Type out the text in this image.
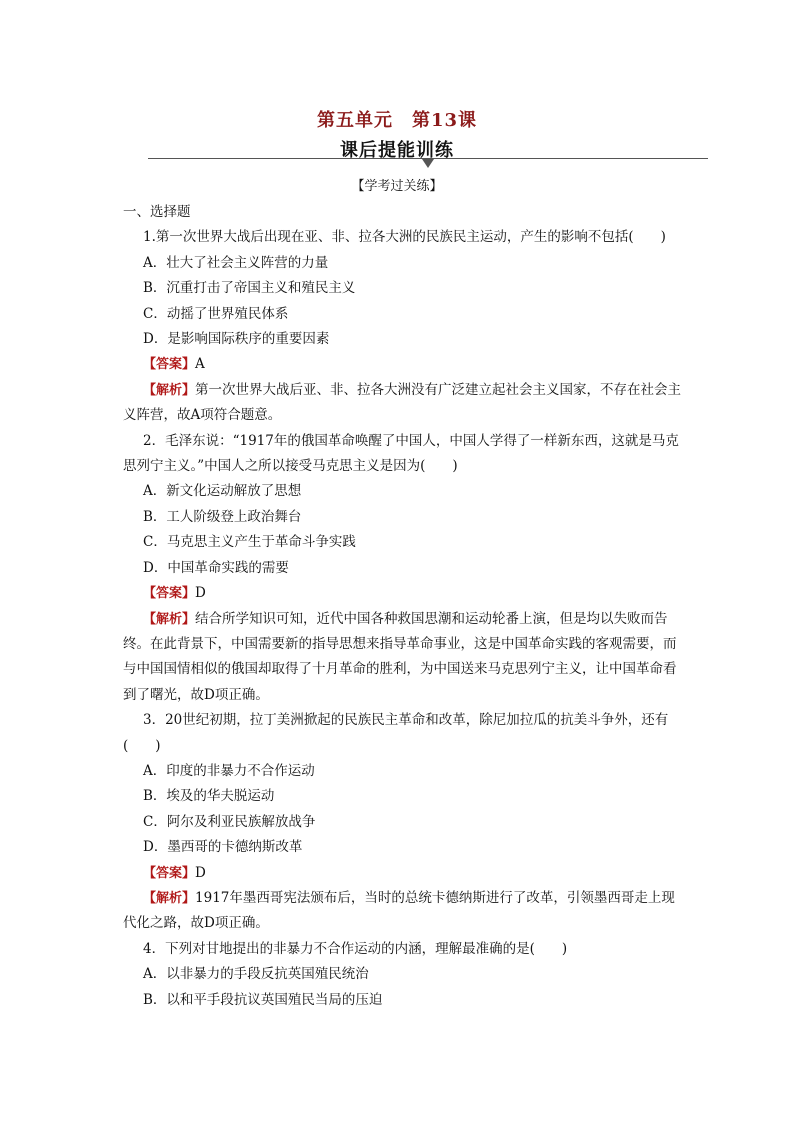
第五单元　第13课
课后提能训练
【学考过关练】

一、选择题

1.第一次世界大战后出现在亚、非、拉各大洲的民族民主运动，产生的影响不包括(　　)

A．壮大了社会主义阵营的力量

B．沉重打击了帝国主义和殖民主义

C．动摇了世界殖民体系

D．是影响国际秩序的重要因素

【答案】A

【解析】第一次世界大战后亚、非、拉各大洲没有广泛建立起社会主义国家，不存在社会主义阵营，故A项符合题意。

2．毛泽东说：“1917年的俄国革命唤醒了中国人，中国人学得了一样新东西，这就是马克思列宁主义。”中国人之所以接受马克思主义是因为(　　)

A．新文化运动解放了思想

B．工人阶级登上政治舞台

C．马克思主义产生于革命斗争实践

D．中国革命实践的需要

【答案】D

【解析】结合所学知识可知，近代中国各种救国思潮和运动轮番上演，但是均以失败而告终。在此背景下，中国需要新的指导思想来指导革命事业，这是中国革命实践的客观需要，而与中国国情相似的俄国却取得了十月革命的胜利，为中国送来马克思列宁主义，让中国革命看到了曙光，故D项正确。

3．20世纪初期，拉丁美洲掀起的民族民主革命和改革，除尼加拉瓜的抗美斗争外，还有(　　)

A．印度的非暴力不合作运动

B．埃及的华夫脱运动

C．阿尔及利亚民族解放战争

D．墨西哥的卡德纳斯改革

【答案】D

【解析】1917年墨西哥宪法颁布后，当时的总统卡德纳斯进行了改革，引领墨西哥走上现代化之路，故D项正确。

4．下列对甘地提出的非暴力不合作运动的内涵，理解最准确的是(　　)

A．以非暴力的手段反抗英国殖民统治

B．以和平手段抗议英国殖民当局的压迫
